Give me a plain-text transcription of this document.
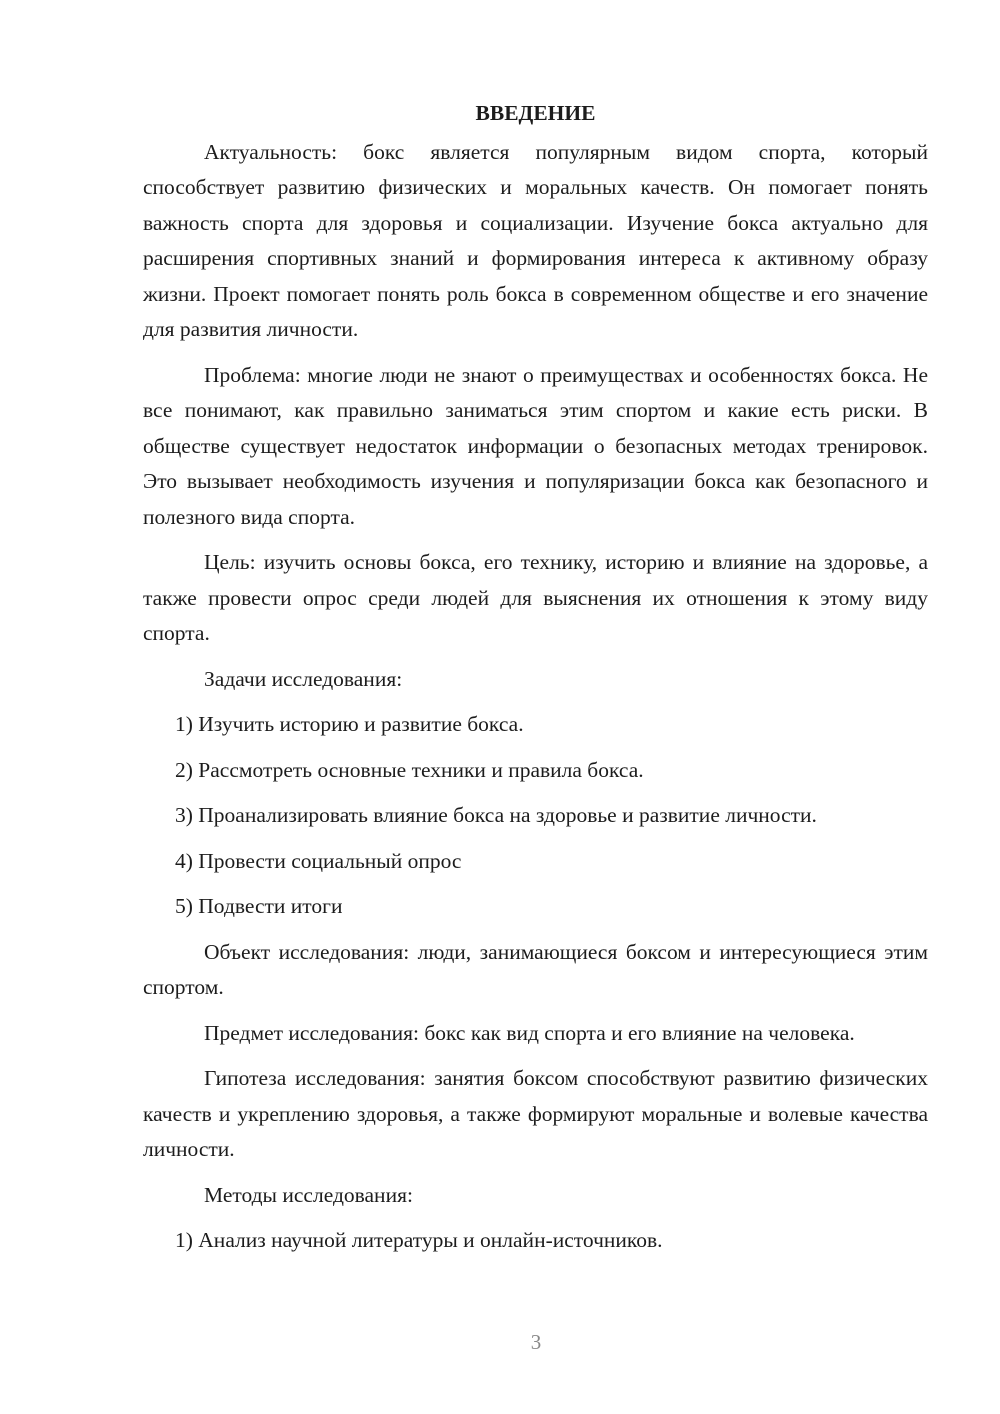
ВВЕДЕНИЕ

Актуальность: бокс является популярным видом спорта, который способствует развитию физических и моральных качеств. Он помогает понять важность спорта для здоровья и социализации. Изучение бокса актуально для расширения спортивных знаний и формирования интереса к активному образу жизни. Проект помогает понять роль бокса в современном обществе и его значение для развития личности.

Проблема: многие люди не знают о преимуществах и особенностях бокса. Не все понимают, как правильно заниматься этим спортом и какие есть риски. В обществе существует недостаток информации о безопасных методах тренировок. Это вызывает необходимость изучения и популяризации бокса как безопасного и полезного вида спорта.

Цель: изучить основы бокса, его технику, историю и влияние на здоровье, а также провести опрос среди людей для выяснения их отношения к этому виду спорта.

Задачи исследования:

1) Изучить историю и развитие бокса.

2) Рассмотреть основные техники и правила бокса.

3) Проанализировать влияние бокса на здоровье и развитие личности.

4) Провести социальный опрос

5) Подвести итоги

Объект исследования: люди, занимающиеся боксом и интересующиеся этим спортом.

Предмет исследования: бокс как вид спорта и его влияние на человека.

Гипотеза исследования: занятия боксом способствуют развитию физических качеств и укреплению здоровья, а также формируют моральные и волевые качества личности.

Методы исследования:

1) Анализ научной литературы и онлайн-источников.

3
